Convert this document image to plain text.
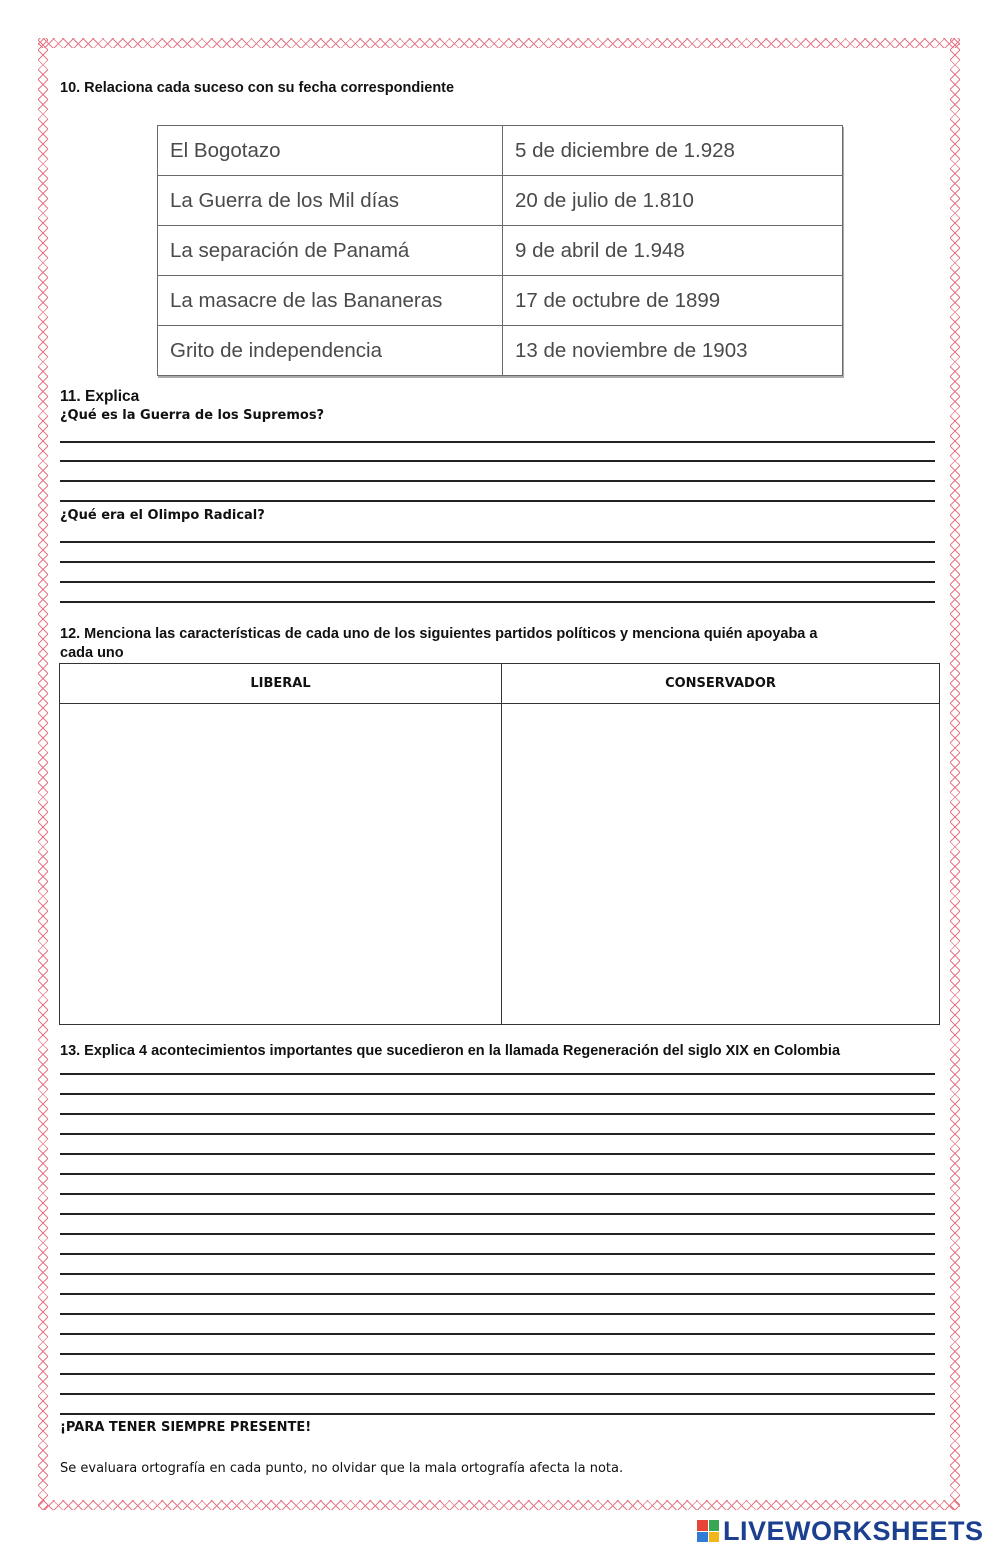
10. Relaciona cada suceso con su fecha correspondiente

El Bogotazo	5 de diciembre de 1.928
La Guerra de los Mil días	20 de julio de 1.810
La separación de Panamá	9 de abril de 1.948
La masacre de las Bananeras	17 de octubre de 1899
Grito de independencia	13 de noviembre de 1903

11. Explica

¿Qué es la Guerra de los Supremos?

¿Qué era el Olimpo Radical?

12. Menciona las características de cada uno de los siguientes partidos políticos y menciona quién apoyaba a

cada uno

LIBERAL	CONSERVADOR

13. Explica 4 acontecimientos importantes que sucedieron en la llamada Regeneración del siglo XIX en Colombia

¡PARA TENER SIEMPRE PRESENTE!

Se evaluara ortografía en cada punto, no olvidar que la mala ortografía afecta la nota.

LIVEWORKSHEETS
